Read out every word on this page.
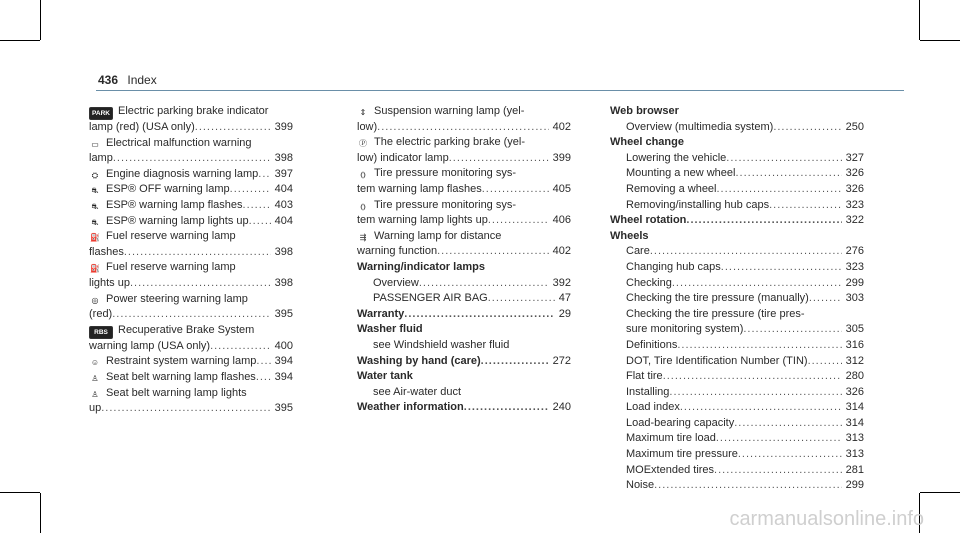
436 Index
PARK Electric parking brake indicator
lamp (red) (USA only) .....	399
▭ Electrical malfunction warning
lamp .....	398
⛭ Engine diagnosis warning lamp .....	397
⛐ ESP® OFF warning lamp .....	404
⛐ ESP® warning lamp flashes .....	403
⛐ ESP® warning lamp lights up .....	404
⛽ Fuel reserve warning lamp
flashes .....	398
⛽ Fuel reserve warning lamp
lights up .....	398
◎ Power steering warning lamp
(red) .....	395
RBS Recuperative Brake System
warning lamp (USA only) .....	400
☺ Restraint system warning lamp .....	394
♙ Seat belt warning lamp flashes .....	394
♙ Seat belt warning lamp lights
up .....	395
⇕ Suspension warning lamp (yel-
low) .....	402
Ⓟ The electric parking brake (yel-
low) indicator lamp .....	399
⦅⦆ Tire pressure monitoring sys-
tem warning lamp flashes .....	405
⦅⦆ Tire pressure monitoring sys-
tem warning lamp lights up .....	406
⇶ Warning lamp for distance
warning function .....	402
Warning/indicator lamps
Overview .....	392
PASSENGER AIR BAG .....	47
Warranty .....	29
Washer fluid
see Windshield washer fluid
Washing by hand (care) .....	272
Water tank
see Air-water duct
Weather information .....	240
Web browser
Overview (multimedia system) .....	250
Wheel change
Lowering the vehicle .....	327
Mounting a new wheel .....	326
Removing a wheel .....	326
Removing/installing hub caps .....	323
Wheel rotation .....	322
Wheels
Care .....	276
Changing hub caps .....	323
Checking .....	299
Checking the tire pressure (manually) .....	303
Checking the tire pressure (tire pres-
sure monitoring system) .....	305
Definitions .....	316
DOT, Tire Identification Number (TIN) .....	312
Flat tire .....	280
Installing .....	326
Load index .....	314
Load-bearing capacity .....	314
Maximum tire load .....	313
Maximum tire pressure .....	313
MOExtended tires .....	281
Noise .....	299
carmanualsonline.info
